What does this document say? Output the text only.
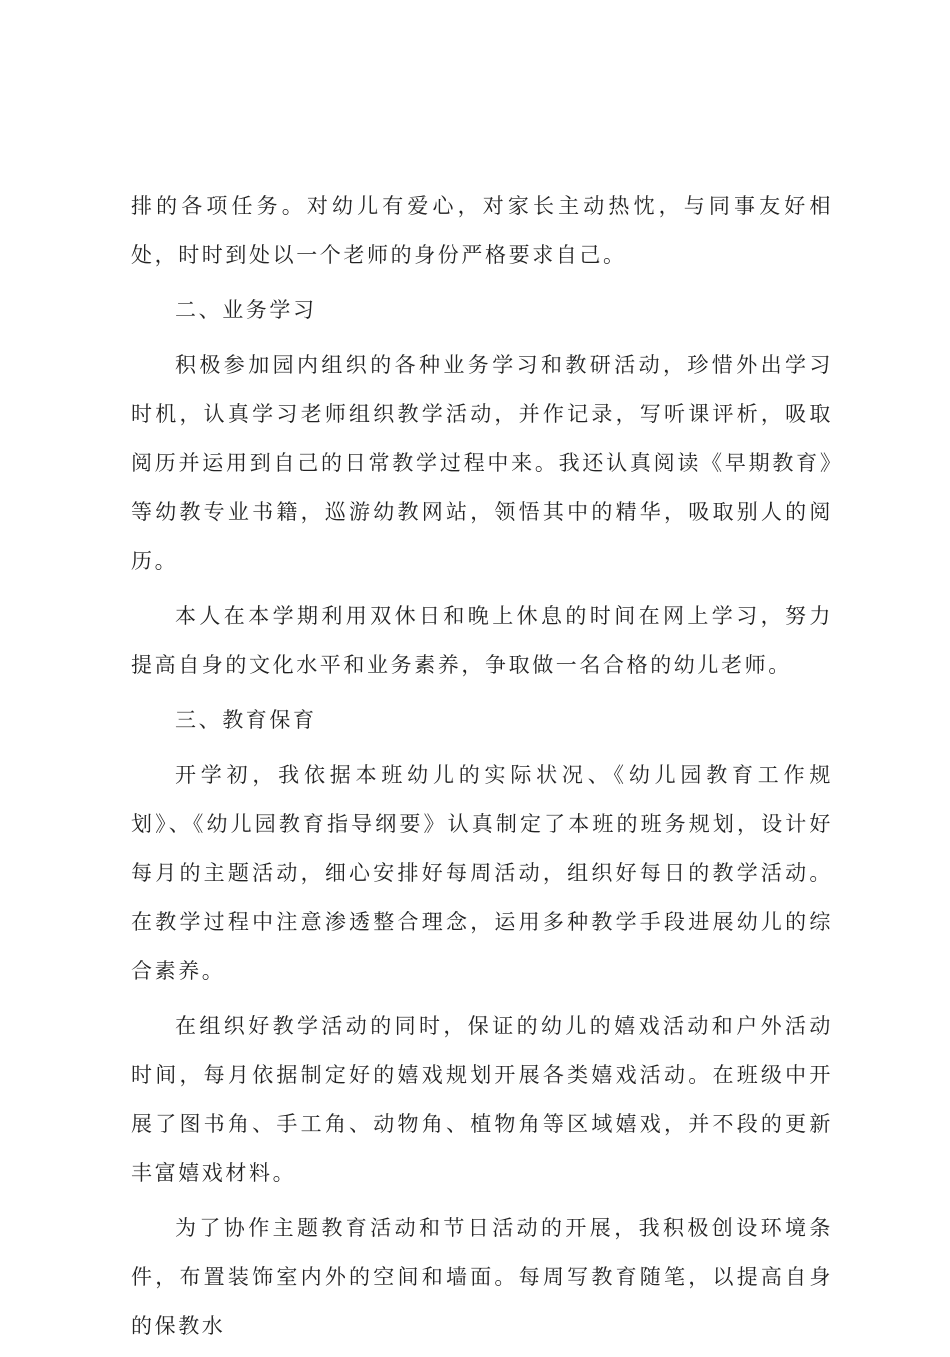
排的各项任务。对幼儿有爱心，对家长主动热忱，与同事友好相处，时时到处以一个老师的身份严格要求自己。

二、业务学习

积极参加园内组织的各种业务学习和教研活动，珍惜外出学习时机，认真学习老师组织教学活动，并作记录，写听课评析，吸取阅历并运用到自己的日常教学过程中来。我还认真阅读《早期教育》等幼教专业书籍，巡游幼教网站，领悟其中的精华，吸取别人的阅历。

本人在本学期利用双休日和晚上休息的时间在网上学习，努力提高自身的文化水平和业务素养，争取做一名合格的幼儿老师。

三、教育保育

开学初，我依据本班幼儿的实际状况、《幼儿园教育工作规划》、《幼儿园教育指导纲要》认真制定了本班的班务规划，设计好每月的主题活动，细心安排好每周活动，组织好每日的教学活动。在教学过程中注意渗透整合理念，运用多种教学手段进展幼儿的综合素养。

在组织好教学活动的同时，保证的幼儿的嬉戏活动和户外活动时间，每月依据制定好的嬉戏规划开展各类嬉戏活动。在班级中开展了图书角、手工角、动物角、植物角等区域嬉戏，并不段的更新丰富嬉戏材料。

为了协作主题教育活动和节日活动的开展，我积极创设环境条件，布置装饰室内外的空间和墙面。每周写教育随笔，以提高自身的保教水
